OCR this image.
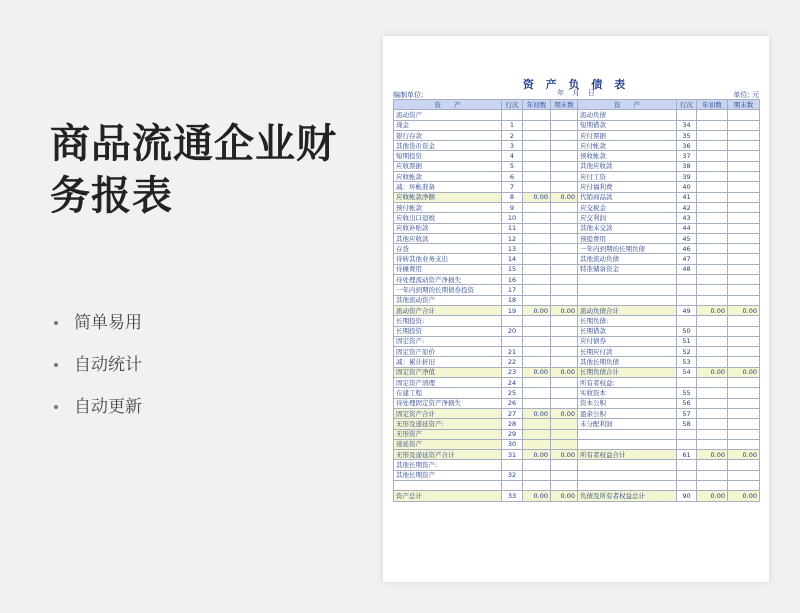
商品流通企业财务报表
简单易用
自动统计
自动更新
资 产 负 债 表
年 月 日
编制单位:	单位: 元
资　　产	行次	年初数	期末数	资　　产	行次	年初数	期末数
流动资产				流动负债			
现金	1			短期借款	34		
银行存款	2			应付票据	35		
其他货币资金	3			应付帐款	36		
短期投资	4			预收帐款	37		
应收票据	5			其他应收款	38		
应收帐款	6			应付工资	39		
减：坏帐准备	7			应付福利费	40		
应收帐款净额	8	0.00	0.00	代销商品款	41		
预付帐款	9			应交税金	42		
应收出口退税	10			应交利润	43		
应收补贴款	11			其他未交款	44		
其他应收款	12			预提费用	45		
存货	13			一年内到期的长期负债	46		
待转其他业务支出	14			其他流动负债	47		
待摊费用	15			特准储备资金	48		
待处理流动资产净损失	16						
一年内到期的长期债券投资	17						
其他流动资产	18						
流动资产合计	19	0.00	0.00	流动负债合计	49	0.00	0.00
长期投资:				长期负债:			
长期投资	20			长期借款	50		
固定资产:				应付债券	51		
固定资产原价	21			长期应付款	52		
减：累计折旧	22			其他长期负债	53		
固定资产净值	23	0.00	0.00	长期负债合计	54	0.00	0.00
固定资产清理	24			所有者权益:			
在建工程	25			实收资本	55		
待处理固定资产净损失	26			资本公积	56		
固定资产合计	27	0.00	0.00	盈余公积	57		
无形及递延资产:	28			未分配利润	58		
无形资产	29						
递延资产	30						
无形及递延资产合计	31	0.00	0.00	所有者权益合计	61	0.00	0.00
其他长期资产:							
其他长期资产	32						

资产总计	33	0.00	0.00	负债及所有者权益总计	90	0.00	0.00
